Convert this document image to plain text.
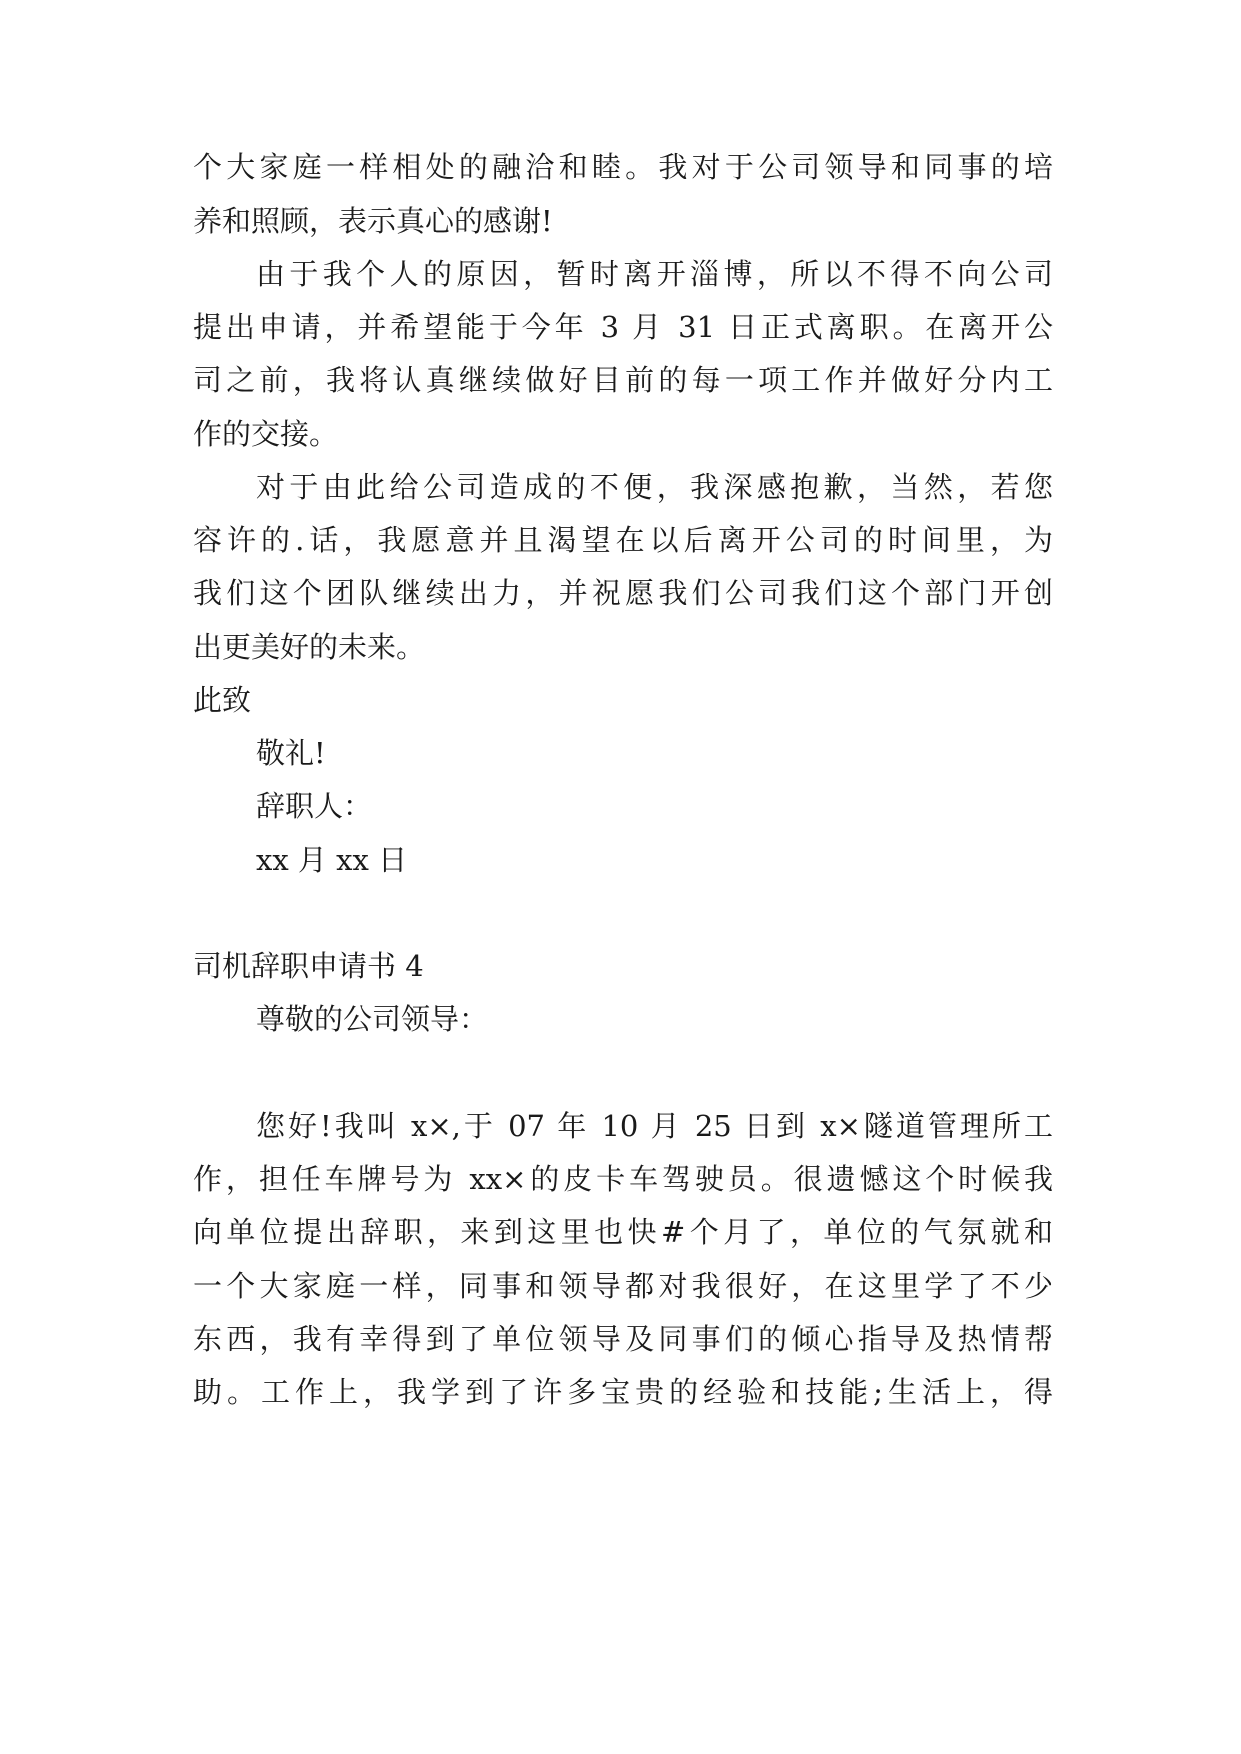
个大家庭一样相处的融洽和睦。我对于公司领导和同事的培
养和照顾，表示真心的感谢!
由于我个人的原因，暂时离开淄博，所以不得不向公司
提出申请，并希望能于今年 3 月 31 日正式离职。在离开公
司之前，我将认真继续做好目前的每一项工作并做好分内工
作的交接。
对于由此给公司造成的不便，我深感抱歉，当然，若您
容许的.话，我愿意并且渴望在以后离开公司的时间里，为
我们这个团队继续出力，并祝愿我们公司我们这个部门开创
出更美好的未来。
此致
敬礼!
辞职人：
xx 月 xx 日
司机辞职申请书 4
尊敬的公司领导：
您好!我叫 x×,于 07 年 10 月 25 日到 x×隧道管理所工
作，担任车牌号为 xx×的皮卡车驾驶员。很遗憾这个时候我
向单位提出辞职，来到这里也快#个月了，单位的气氛就和
一个大家庭一样，同事和领导都对我很好，在这里学了不少
东西，我有幸得到了单位领导及同事们的倾心指导及热情帮
助。工作上，我学到了许多宝贵的经验和技能;生活上，得
